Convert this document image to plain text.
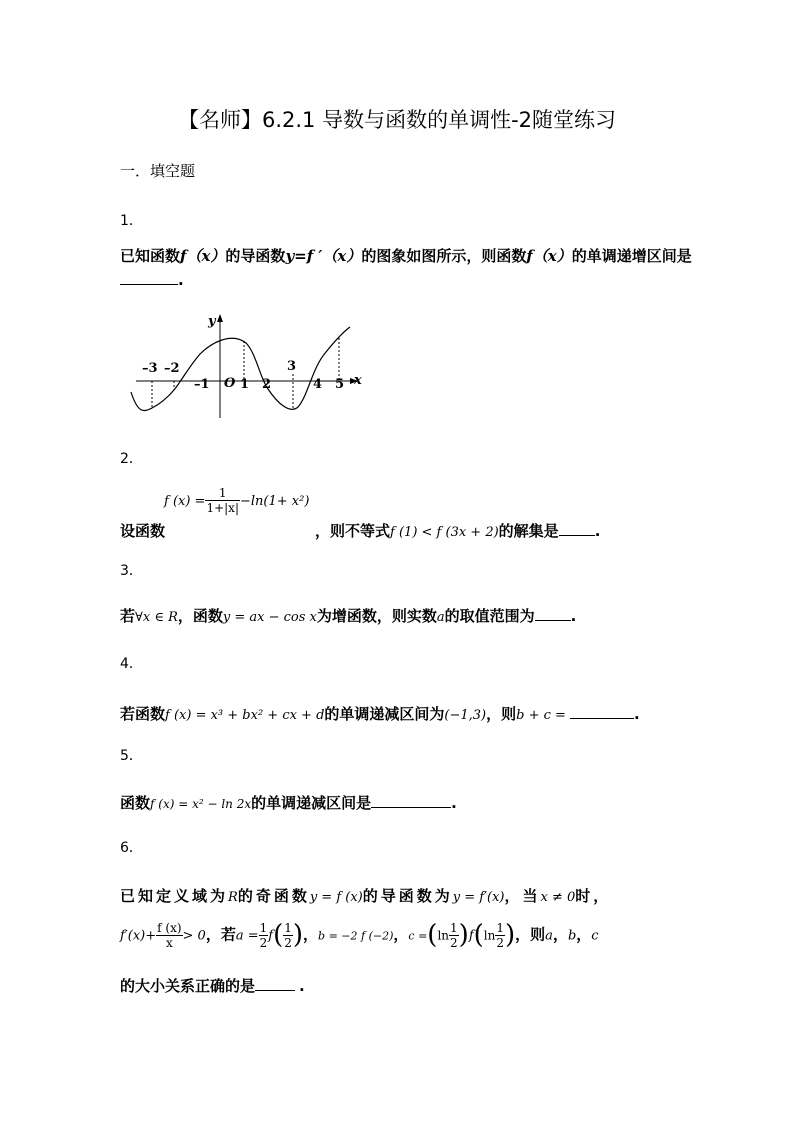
【名师】6.2.1 导数与函数的单调性-2随堂练习
一．填空题
1．
已知函数f（x）的导函数y=f ′（x）的图象如图所示，则函数f（x）的单调递增区间是
.
y
x
O
–3 –2
–1 1 2
3
4 5
2．
f $(x) = \frac{1}{1+|x|} -\ln(1+ x^2)$
设函数	，则不等式f (1) < f (3x + 2)的解集是 .
3．
若∀x ∈ R，函数y = ax − cos x为增函数，则实数a的取值范围为 .
4．
若函数f (x) = x³ + bx² + cx + d的单调递减区间为(−1,3)，则b + c =	.
5．
函数f (x) = x² − ln 2x的单调递减区间是	.
6．
已知定义域为R的奇函数y = f (x)的导函数为y = f′(x)，当x ≠ 0时，
$f'(x)+ \frac{f (x)}{x} > 0$，若$a = \frac{1}{2} f( \frac{1}{2}$ )，b = −2 f (−2)，$c =(\ln \frac{1}{2} )f(\ln \frac{1}{2}$ )，则a，b，c
的大小关系正确的是	.
